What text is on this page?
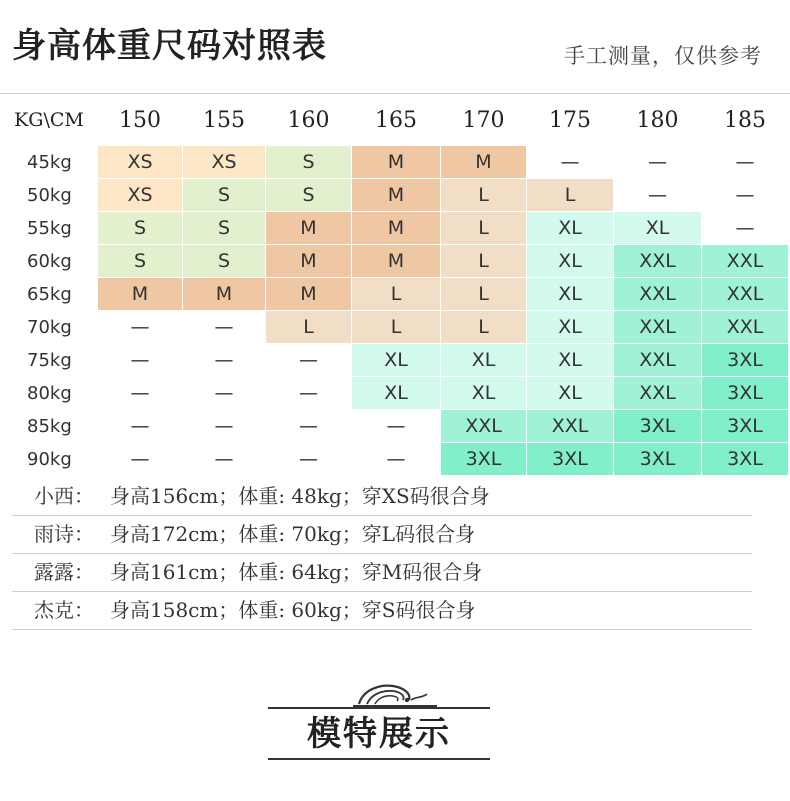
身高体重尺码对照表	手工测量，仅供参考
KG\CM	150	155	160	165	170	175	180	185
45kg	XS	XS	S	M	M	—	—	—
50kg	XS	S	S	M	L	L	—	—
55kg	S	S	M	M	L	XL	XL	—
60kg	S	S	M	M	L	XL	XXL	XXL
65kg	M	M	M	L	L	XL	XXL	XXL
70kg	—	—	L	L	L	XL	XXL	XXL
75kg	—	—	—	XL	XL	XL	XXL	3XL
80kg	—	—	—	XL	XL	XL	XXL	3XL
85kg	—	—	—	—	XXL	XXL	3XL	3XL
90kg	—	—	—	—	3XL	3XL	3XL	3XL
小西： 身高156cm；体重: 48kg；穿XS码很合身
雨诗： 身高172cm；体重: 70kg；穿L码很合身
露露： 身高161cm；体重: 64kg；穿M码很合身
杰克： 身高158cm；体重: 60kg；穿S码很合身
模特展示
